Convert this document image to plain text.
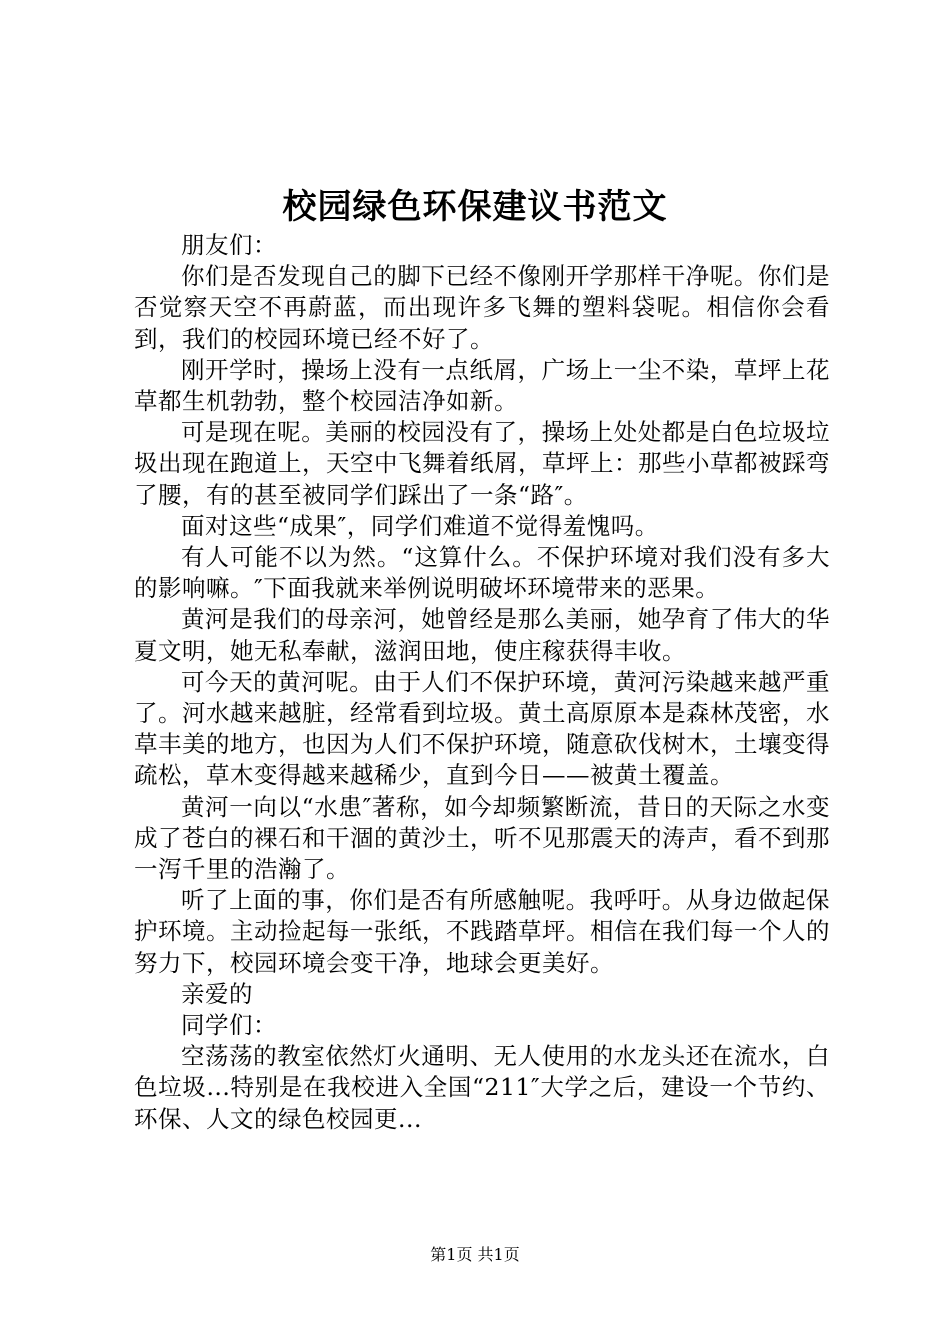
校园绿色环保建议书范文

朋友们：

你们是否发现自己的脚下已经不像刚开学那样干净呢。你们是否觉察天空不再蔚蓝，而出现许多飞舞的塑料袋呢。相信你会看到，我们的校园环境已经不好了。

刚开学时，操场上没有一点纸屑，广场上一尘不染，草坪上花草都生机勃勃，整个校园洁净如新。

可是现在呢。美丽的校园没有了，操场上处处都是白色垃圾垃圾出现在跑道上，天空中飞舞着纸屑，草坪上：那些小草都被踩弯了腰，有的甚至被同学们踩出了一条“路″。

面对这些“成果″，同学们难道不觉得羞愧吗。

有人可能不以为然。“这算什么。不保护环境对我们没有多大的影响嘛。″下面我就来举例说明破坏环境带来的恶果。

黄河是我们的母亲河，她曾经是那么美丽，她孕育了伟大的华夏文明，她无私奉献，滋润田地，使庄稼获得丰收。

可今天的黄河呢。由于人们不保护环境，黄河污染越来越严重了。河水越来越脏，经常看到垃圾。黄土高原原本是森林茂密，水草丰美的地方，也因为人们不保护环境，随意砍伐树木，土壤变得疏松，草木变得越来越稀少，直到今日——被黄土覆盖。

黄河一向以“水患″著称，如今却频繁断流，昔日的天际之水变成了苍白的裸石和干涸的黄沙土，听不见那震天的涛声，看不到那一泻千里的浩瀚了。

听了上面的事，你们是否有所感触呢。我呼吁。从身边做起保护环境。主动捡起每一张纸，不践踏草坪。相信在我们每一个人的努力下，校园环境会变干净，地球会更美好。

亲爱的

同学们：

空荡荡的教室依然灯火通明、无人使用的水龙头还在流水，白色垃圾...特别是在我校进入全国“211″大学之后，建设一个节约、环保、人文的绿色校园更...

第1页 共1页
